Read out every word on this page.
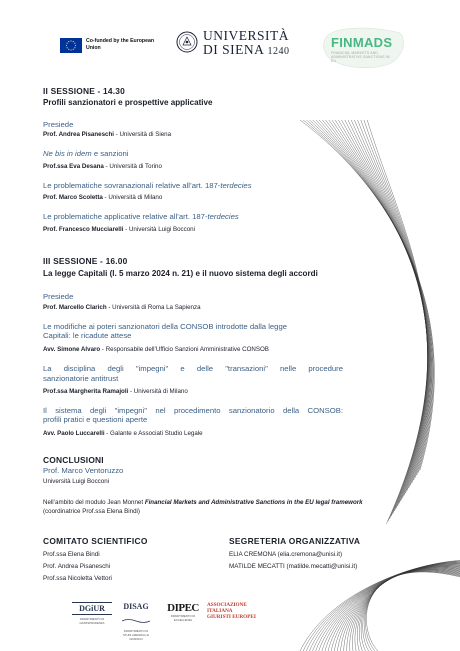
Co-funded by the European Union
UNIVERSITÀ
DI SIENA 1240
FINMADS
FINANCIAL MARKETS AND ADMINISTRATIVE SANCTIONS IN EU
II SESSIONE - 14.30
Profili sanzionatori e prospettive applicative
Presiede
Prof. Andrea Pisaneschi - Università di Siena
Ne bis in idem e sanzioni
Prof.ssa Eva Desana - Università di Torino
Le problematiche sovranazionali relative all’art. 187-terdecies
Prof. Marco Scoletta - Università di Milano
Le problematiche applicative relative all’art. 187-terdecies
Prof. Francesco Mucciarelli - Università Luigi Bocconi
III SESSIONE - 16.00
La legge Capitali (l. 5 marzo 2024 n. 21) e il nuovo sistema degli accordi
Presiede
Prof. Marcello Clarich - Università di Roma La Sapienza
Le modifiche ai poteri sanzionatori della CONSOB introdotte dalla legge
Capitali: le ricadute attese
Avv. Simone Alvaro - Responsabile dell’Ufficio Sanzioni Amministrative CONSOB
La disciplina degli "impegni" e delle "transazioni" nelle procedure
sanzionatorie antitrust
Prof.ssa Margherita Ramajoli - Università di Milano
Il sistema degli "impegni" nel procedimento sanzionatorio della CONSOB:
profili pratici e questioni aperte
Avv. Paolo Luccarelli - Galante e Associati Studio Legale
CONCLUSIONI
Prof. Marco Ventoruzzo
Università Luigi Bocconi
Nell’ambito del modulo Jean Monnet Financial Markets and Administrative Sanctions in the EU legal framework (coordinatrice Prof.ssa Elena Bindi)
COMITATO SCIENTIFICO
Prof.ssa Elena Bindi
Prof. Andrea Pisaneschi
Prof.ssa Nicoletta Vettori
SEGRETERIA ORGANIZZATIVA
ELIA CREMONA (elia.cremona@unisi.it)
MATILDE MECATTI (matilde.mecatti@unisi.it)
DGiUR
DIPARTIMENTO DI GIURISPRUDENZA
DISAG
DIPARTIMENTO DI STUDI AZIENDALI E GIURIDICI
DIPEC
DIPARTIMENTO DI ECCELLENZA
ASSOCIAZIONE
ITALIANA
GIURISTI EUROPEI
